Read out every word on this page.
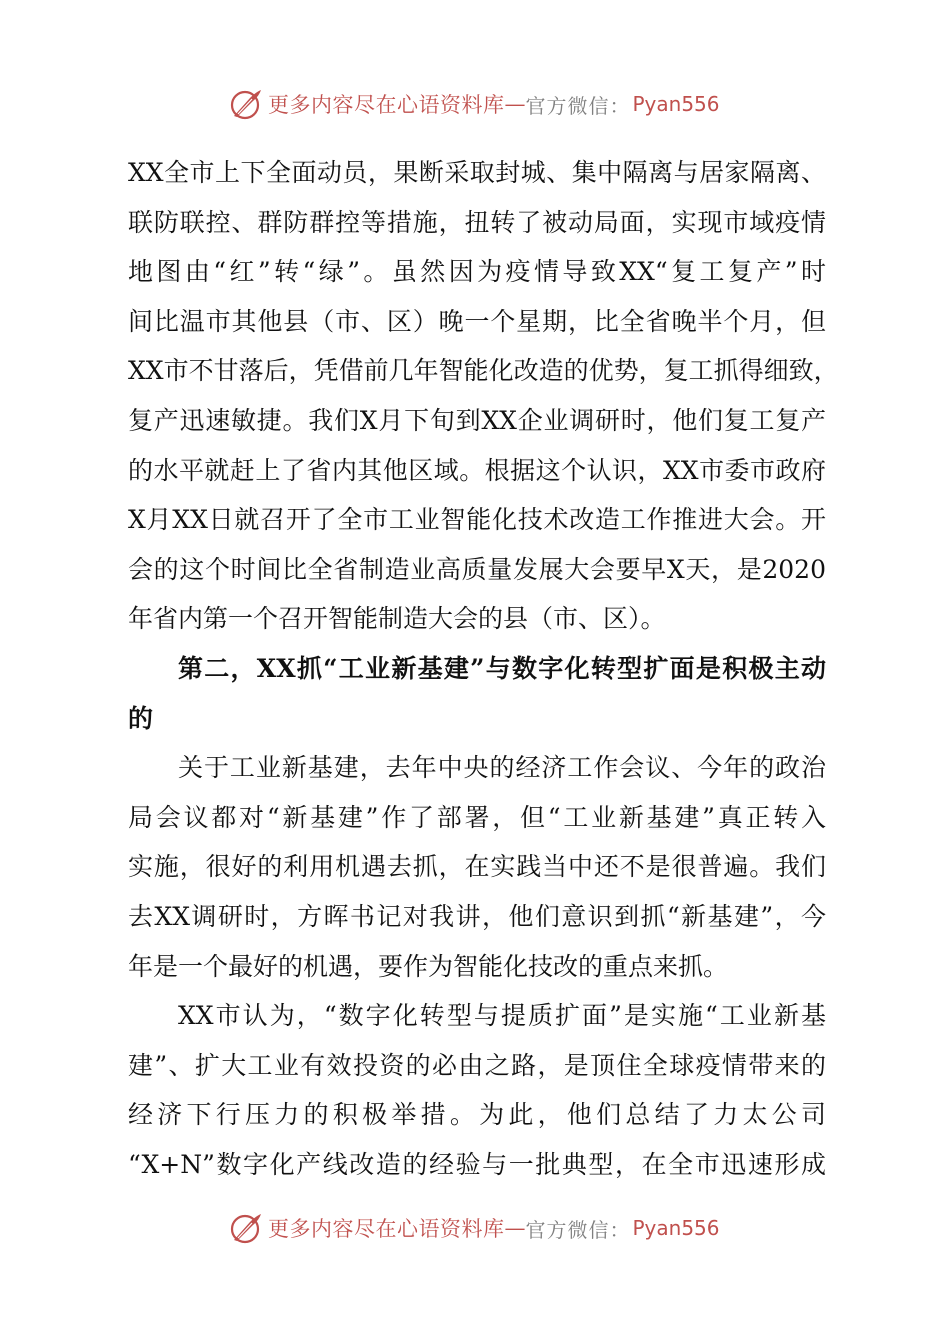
更多内容尽在心语资料库 — 官方微信： Pyan556
XX全市上下全面动员，果断采取封城、集中隔离与居家隔离、
联防联控、群防群控等措施，扭转了被动局面，实现市域疫情
地图由“红”转“绿”。虽然因为疫情导致XX“复工复产”时
间比温市其他县（市、区）晚一个星期，比全省晚半个月，但
XX市不甘落后，凭借前几年智能化改造的优势，复工抓得细致，
复产迅速敏捷。我们X月下旬到XX企业调研时，他们复工复产
的水平就赶上了省内其他区域。根据这个认识，XX市委市政府
X月XX日就召开了全市工业智能化技术改造工作推进大会。开
会的这个时间比全省制造业高质量发展大会要早X天，是2020
年省内第一个召开智能制造大会的县（市、区）。
第二，XX抓“工业新基建”与数字化转型扩面是积极主动
的
关于工业新基建，去年中央的经济工作会议、今年的政治
局会议都对“新基建”作了部署，但“工业新基建”真正转入
实施，很好的利用机遇去抓，在实践当中还不是很普遍。我们
去XX调研时，方晖书记对我讲，他们意识到抓“新基建”，今
年是一个最好的机遇，要作为智能化技改的重点来抓。
XX市认为，“数字化转型与提质扩面”是实施“工业新基
建”、扩大工业有效投资的必由之路，是顶住全球疫情带来的
经济下行压力的积极举措。为此，他们总结了力太公司
“X+N”数字化产线改造的经验与一批典型，在全市迅速形成
更多内容尽在心语资料库 — 官方微信： Pyan556
